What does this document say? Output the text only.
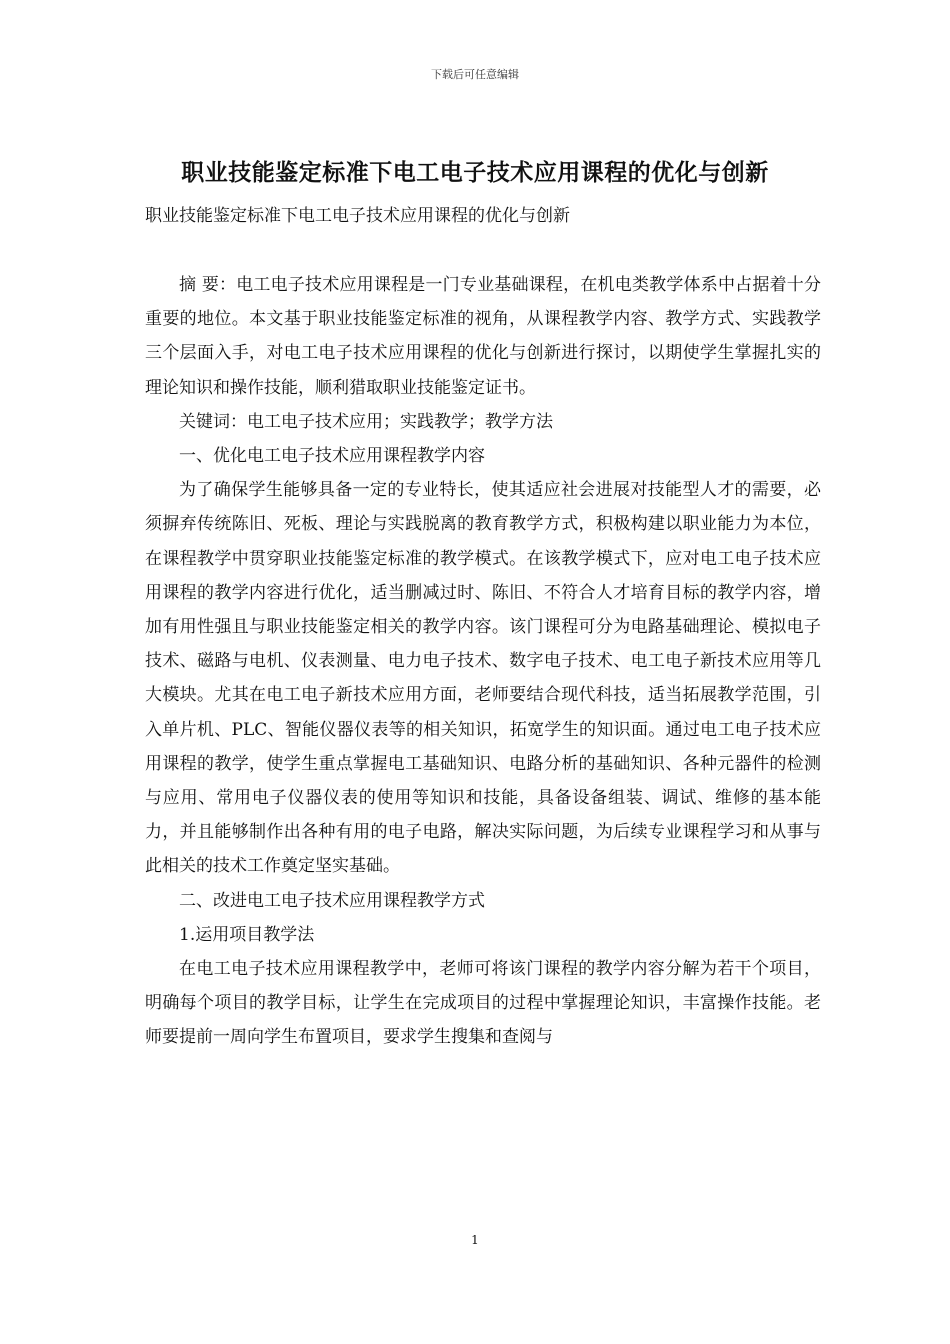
下载后可任意编辑
职业技能鉴定标准下电工电子技术应用课程的优化与创新
职业技能鉴定标准下电工电子技术应用课程的优化与创新

摘 要：电工电子技术应用课程是一门专业基础课程，在机电类教学体系中占据着十分重要的地位。本文基于职业技能鉴定标准的视角，从课程教学内容、教学方式、实践教学三个层面入手，对电工电子技术应用课程的优化与创新进行探讨，以期使学生掌握扎实的理论知识和操作技能，顺利猎取职业技能鉴定证书。

关键词：电工电子技术应用；实践教学；教学方法

一、优化电工电子技术应用课程教学内容

为了确保学生能够具备一定的专业特长，使其适应社会进展对技能型人才的需要，必须摒弃传统陈旧、死板、理论与实践脱离的教育教学方式，积极构建以职业能力为本位，在课程教学中贯穿职业技能鉴定标准的教学模式。在该教学模式下，应对电工电子技术应用课程的教学内容进行优化，适当删减过时、陈旧、不符合人才培育目标的教学内容，增加有用性强且与职业技能鉴定相关的教学内容。该门课程可分为电路基础理论、模拟电子技术、磁路与电机、仪表测量、电力电子技术、数字电子技术、电工电子新技术应用等几大模块。尤其在电工电子新技术应用方面，老师要结合现代科技，适当拓展教学范围，引入单片机、PLC、智能仪器仪表等的相关知识，拓宽学生的知识面。通过电工电子技术应用课程的教学，使学生重点掌握电工基础知识、电路分析的基础知识、各种元器件的检测与应用、常用电子仪器仪表的使用等知识和技能，具备设备组装、调试、维修的基本能力，并且能够制作出各种有用的电子电路，解决实际问题，为后续专业课程学习和从事与此相关的技术工作奠定坚实基础。

二、改进电工电子技术应用课程教学方式

1.运用项目教学法

在电工电子技术应用课程教学中，老师可将该门课程的教学内容分解为若干个项目，明确每个项目的教学目标，让学生在完成项目的过程中掌握理论知识，丰富操作技能。老师要提前一周向学生布置项目，要求学生搜集和查阅与

1
